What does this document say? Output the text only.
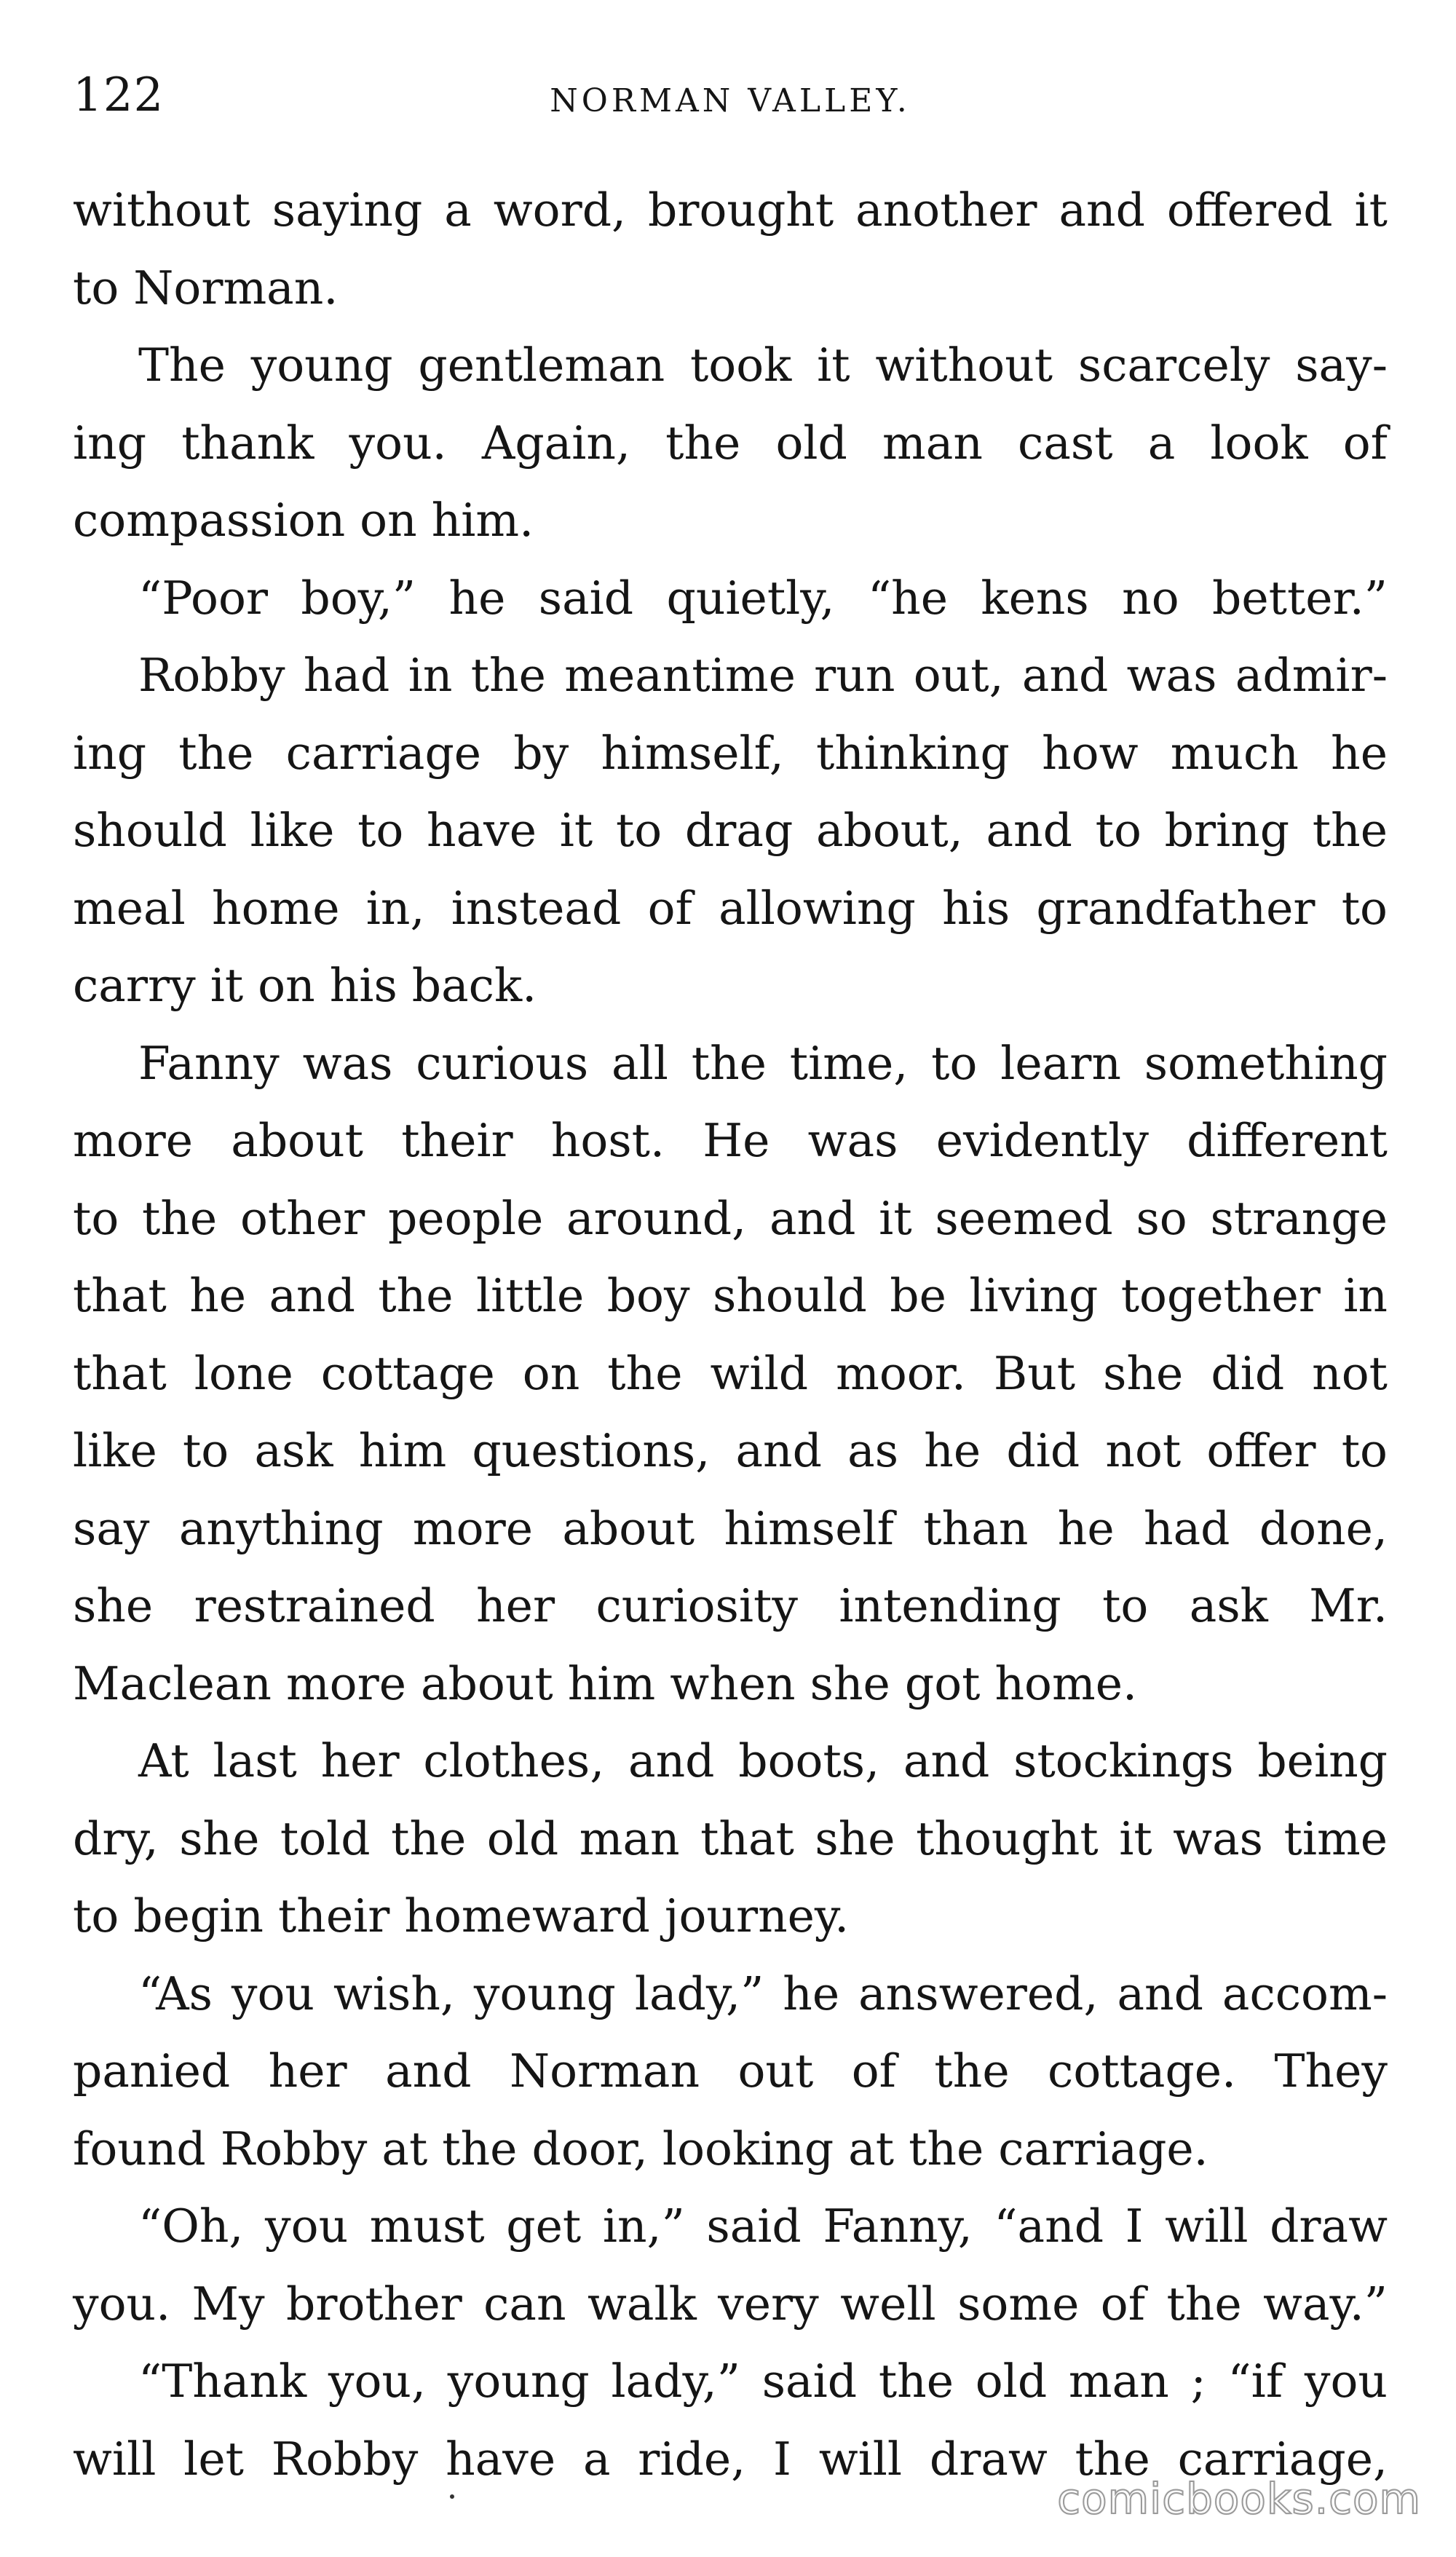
122	NORMAN VALLEY.
without saying a word, brought another and offered it
to Norman.
The young gentleman took it without scarcely say-
ing thank you. Again, the old man cast a look of
compassion on him.
“Poor boy,” he said quietly, “he kens no better.”
Robby had in the meantime run out, and was admir-
ing the carriage by himself, thinking how much he
should like to have it to drag about, and to bring the
meal home in, instead of allowing his grandfather to
carry it on his back.
Fanny was curious all the time, to learn something
more about their host. He was evidently different
to the other people around, and it seemed so strange
that he and the little boy should be living together in
that lone cottage on the wild moor. But she did not
like to ask him questions, and as he did not offer to
say anything more about himself than he had done,
she restrained her curiosity intending to ask Mr.
Maclean more about him when she got home.
At last her clothes, and boots, and stockings being
dry, she told the old man that she thought it was time
to begin their homeward journey.
“As you wish, young lady,” he answered, and accom-
panied her and Norman out of the cottage. They
found Robby at the door, looking at the carriage.
“Oh, you must get in,” said Fanny, “and I will draw
you. My brother can walk very well some of the way.”
“Thank you, young lady,” said the old man ; “if you
will let Robby have a ride, I will draw the carriage,
comicbooks.com
